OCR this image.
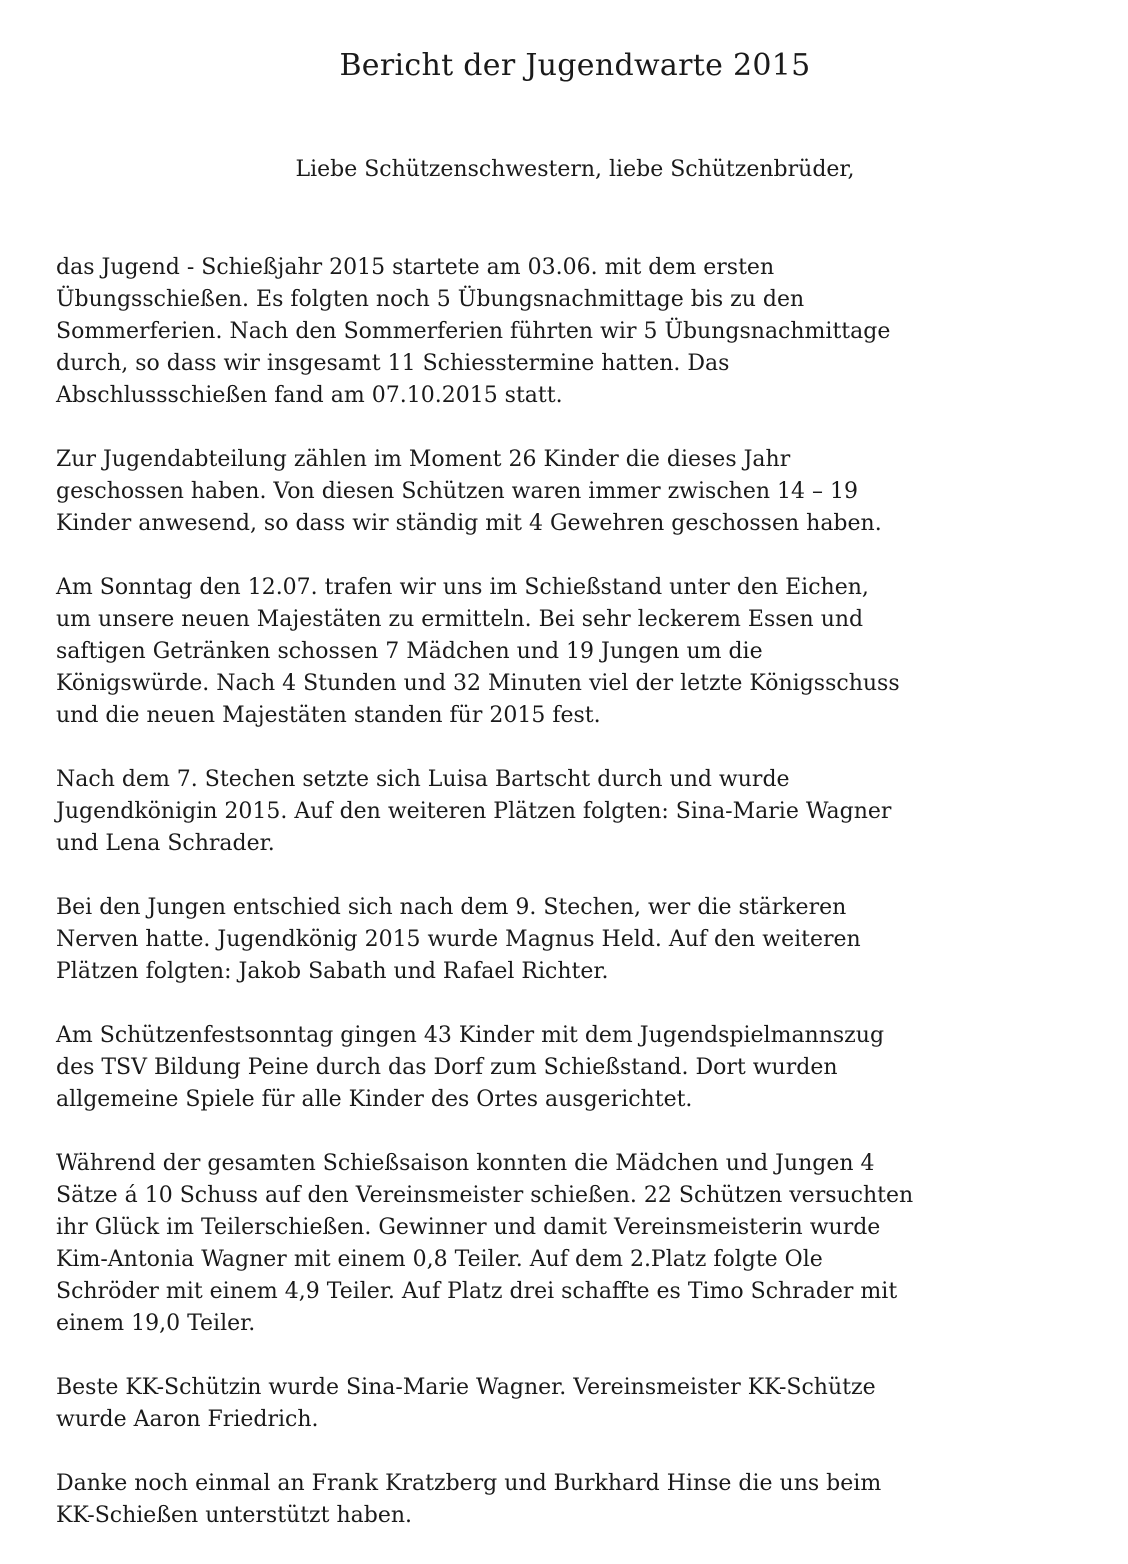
Bericht der Jugendwarte 2015

Liebe Schützenschwestern, liebe Schützenbrüder,

das Jugend - Schießjahr 2015 startete am 03.06. mit dem ersten
Übungsschießen. Es folgten noch 5 Übungsnachmittage bis zu den
Sommerferien. Nach den Sommerferien führten wir 5 Übungsnachmittage
durch, so dass wir insgesamt 11 Schiesstermine hatten. Das
Abschlussschießen fand am 07.10.2015 statt.

Zur Jugendabteilung zählen im Moment 26 Kinder die dieses Jahr
geschossen haben. Von diesen Schützen waren immer zwischen 14 – 19
Kinder anwesend, so dass wir ständig mit 4 Gewehren geschossen haben.

Am Sonntag den 12.07. trafen wir uns im Schießstand unter den Eichen,
um unsere neuen Majestäten zu ermitteln. Bei sehr leckerem Essen und
saftigen Getränken schossen 7 Mädchen und 19 Jungen um die
Königswürde. Nach 4 Stunden und 32 Minuten viel der letzte Königsschuss
und die neuen Majestäten standen für 2015 fest.

Nach dem 7. Stechen setzte sich Luisa Bartscht durch und wurde
Jugendkönigin 2015. Auf den weiteren Plätzen folgten: Sina-Marie Wagner
und Lena Schrader.

Bei den Jungen entschied sich nach dem 9. Stechen, wer die stärkeren
Nerven hatte. Jugendkönig 2015 wurde Magnus Held. Auf den weiteren
Plätzen folgten: Jakob Sabath und Rafael Richter.

Am Schützenfestsonntag gingen 43 Kinder mit dem Jugendspielmannszug
des TSV Bildung Peine durch das Dorf zum Schießstand. Dort wurden
allgemeine Spiele für alle Kinder des Ortes ausgerichtet.

Während der gesamten Schießsaison konnten die Mädchen und Jungen 4
Sätze á 10 Schuss auf den Vereinsmeister schießen. 22 Schützen versuchten
ihr Glück im Teilerschießen. Gewinner und damit Vereinsmeisterin wurde
Kim-Antonia Wagner mit einem 0,8 Teiler. Auf dem 2.Platz folgte Ole
Schröder mit einem 4,9 Teiler. Auf Platz drei schaffte es Timo Schrader mit
einem 19,0 Teiler.

Beste KK-Schützin wurde Sina-Marie Wagner. Vereinsmeister KK-Schütze
wurde Aaron Friedrich.

Danke noch einmal an Frank Kratzberg und Burkhard Hinse die uns beim
KK-Schießen unterstützt haben.
